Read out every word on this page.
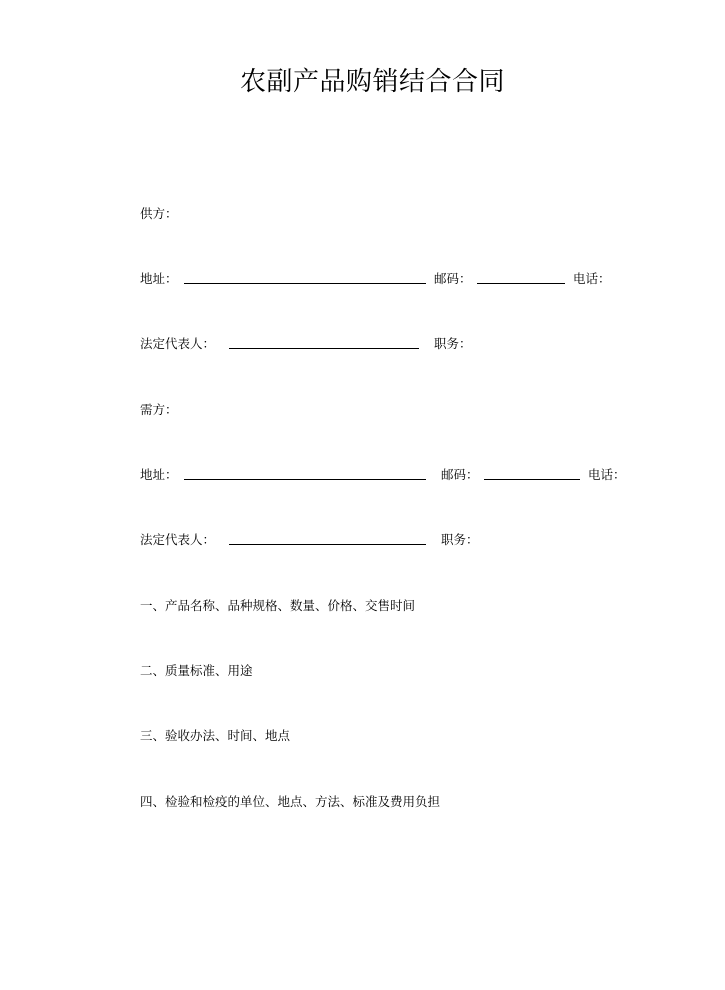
农副产品购销结合合同
供方：
地址：	邮码：	电话：
法定代表人：	职务：
需方：
地址：	邮码：	电话：
法定代表人：	职务：
一、产品名称、品种规格、数量、价格、交售时间
二、质量标准、用途
三、验收办法、时间、地点
四、检验和检疫的单位、地点、方法、标准及费用负担
